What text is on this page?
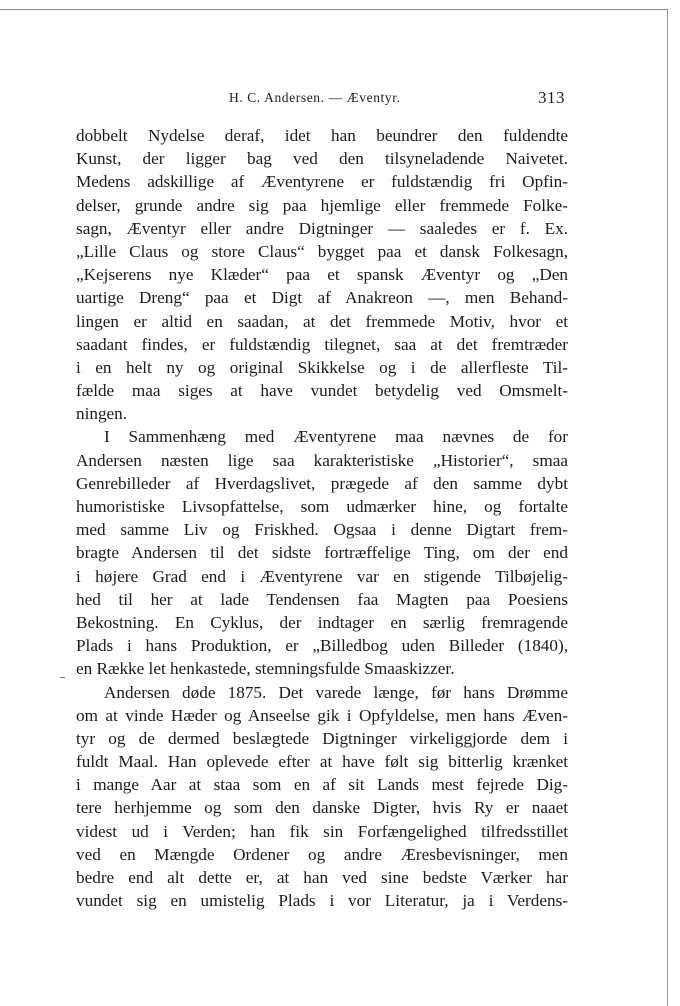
H. C. Andersen. — Æventyr.	313
dobbelt Nydelse deraf, idet han beundrer den fuldendte
Kunst, der ligger bag ved den tilsyneladende Naivetet.
Medens adskillige af Æventyrene er fuldstændig fri Opfin-
delser, grunde andre sig paa hjemlige eller fremmede Folke-
sagn, Æventyr eller andre Digtninger — saaledes er f. Ex.
„Lille Claus og store Claus“ bygget paa et dansk Folkesagn,
„Kejserens nye Klæder“ paa et spansk Æventyr og „Den
uartige Dreng“ paa et Digt af Anakreon —, men Behand-
lingen er altid en saadan, at det fremmede Motiv, hvor et
saadant findes, er fuldstændig tilegnet, saa at det fremtræder
i en helt ny og original Skikkelse og i de allerfleste Til-
fælde maa siges at have vundet betydelig ved Omsmelt-
ningen.
I Sammenhæng med Æventyrene maa nævnes de for
Andersen næsten lige saa karakteristiske „Historier“, smaa
Genrebilleder af Hverdagslivet, prægede af den samme dybt
humoristiske Livsopfattelse, som udmærker hine, og fortalte
med samme Liv og Friskhed. Ogsaa i denne Digtart frem-
bragte Andersen til det sidste fortræffelige Ting, om der end
i højere Grad end i Æventyrene var en stigende Tilbøjelig-
hed til her at lade Tendensen faa Magten paa Poesiens
Bekostning. En Cyklus, der indtager en særlig fremragende
Plads i hans Produktion, er „Billedbog uden Billeder (1840),
en Række let henkastede, stemningsfulde Smaaskizzer.
Andersen døde 1875. Det varede længe, før hans Drømme
om at vinde Hæder og Anseelse gik i Opfyldelse, men hans Æven-
tyr og de dermed beslægtede Digtninger virkeliggjorde dem i
fuldt Maal. Han oplevede efter at have følt sig bitterlig krænket
i mange Aar at staa som en af sit Lands mest fejrede Dig-
tere herhjemme og som den danske Digter, hvis Ry er naaet
videst ud i Verden; han fik sin Forfængelighed tilfredsstillet
ved en Mængde Ordener og andre Æresbevisninger, men
bedre end alt dette er, at han ved sine bedste Værker har
vundet sig en umistelig Plads i vor Literatur, ja i Verdens-
